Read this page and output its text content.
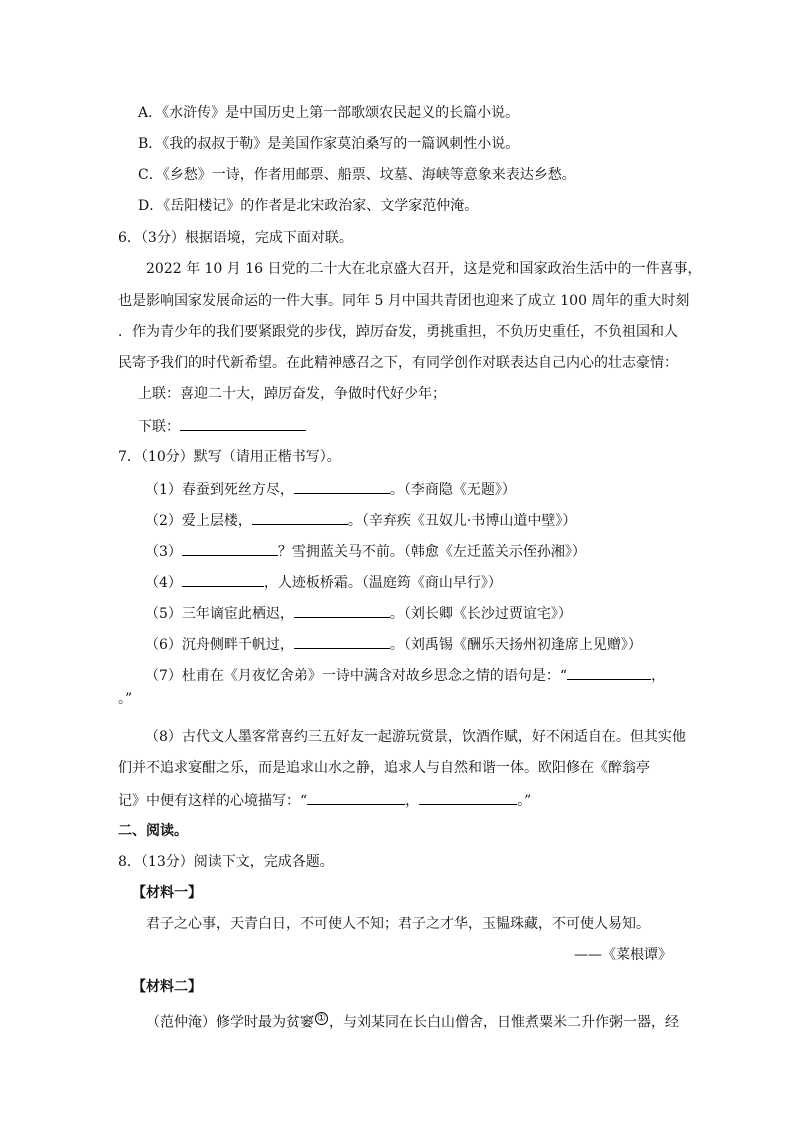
A．《水浒传》是中国历史上第一部歌颂农民起义的长篇小说。
B．《我的叔叔于勒》是美国作家莫泊桑写的一篇讽刺性小说。
C．《乡愁》一诗，作者用邮票、船票、坟墓、海峡等意象来表达乡愁。
D．《岳阳楼记》的作者是北宋政治家、文学家范仲淹。
6．（3分）根据语境，完成下面对联。
2022 年 10 月 16 日党的二十大在北京盛大召开，这是党和国家政治生活中的一件喜事，
也是影响国家发展命运的一件大事。同年 5 月中国共青团也迎来了成立 100 周年的重大时刻
．作为青少年的我们要紧跟党的步伐，踔厉奋发，勇挑重担，不负历史重任，不负祖国和人
民寄予我们的时代新希望。在此精神感召之下，有同学创作对联表达自己内心的壮志豪情：
上联：喜迎二十大，踔厉奋发，争做时代好少年；
下联：
7．（10分）默写（请用正楷书写）。
（1）春蚕到死丝方尽，	。（李商隐《无题》）
（2）爱上层楼，	。（辛弃疾《丑奴儿·书博山道中壁》）
（3）	？雪拥蓝关马不前。（韩愈《左迁蓝关示侄孙湘》）
（4）	，人迹板桥霜。（温庭筠《商山早行》）
（5）三年谪宦此栖迟，	。（刘长卿《长沙过贾谊宅》）
（6）沉舟侧畔千帆过，	。（刘禹锡《酬乐天扬州初逢席上见赠》）
（7）杜甫在《月夜忆舍弟》一诗中满含对故乡思念之情的语句是：“	，
。”
（8）古代文人墨客常喜约三五好友一起游玩赏景，饮酒作赋，好不闲适自在。但其实他
们并不追求宴酣之乐，而是追求山水之静，追求人与自然和谐一体。欧阳修在《醉翁亭
记》中便有这样的心境描写：“	，	。”
二、阅读。
8．（13分）阅读下文，完成各题。
【材料一】
君子之心事，天青白日，不可使人不知；君子之才华，玉韫珠藏，不可使人易知。
——《菜根谭》
【材料二】
（范仲淹）修学时最为贫窭 ① ，与刘某同在长白山僧舍，日惟煮粟米二升作粥一器，经
